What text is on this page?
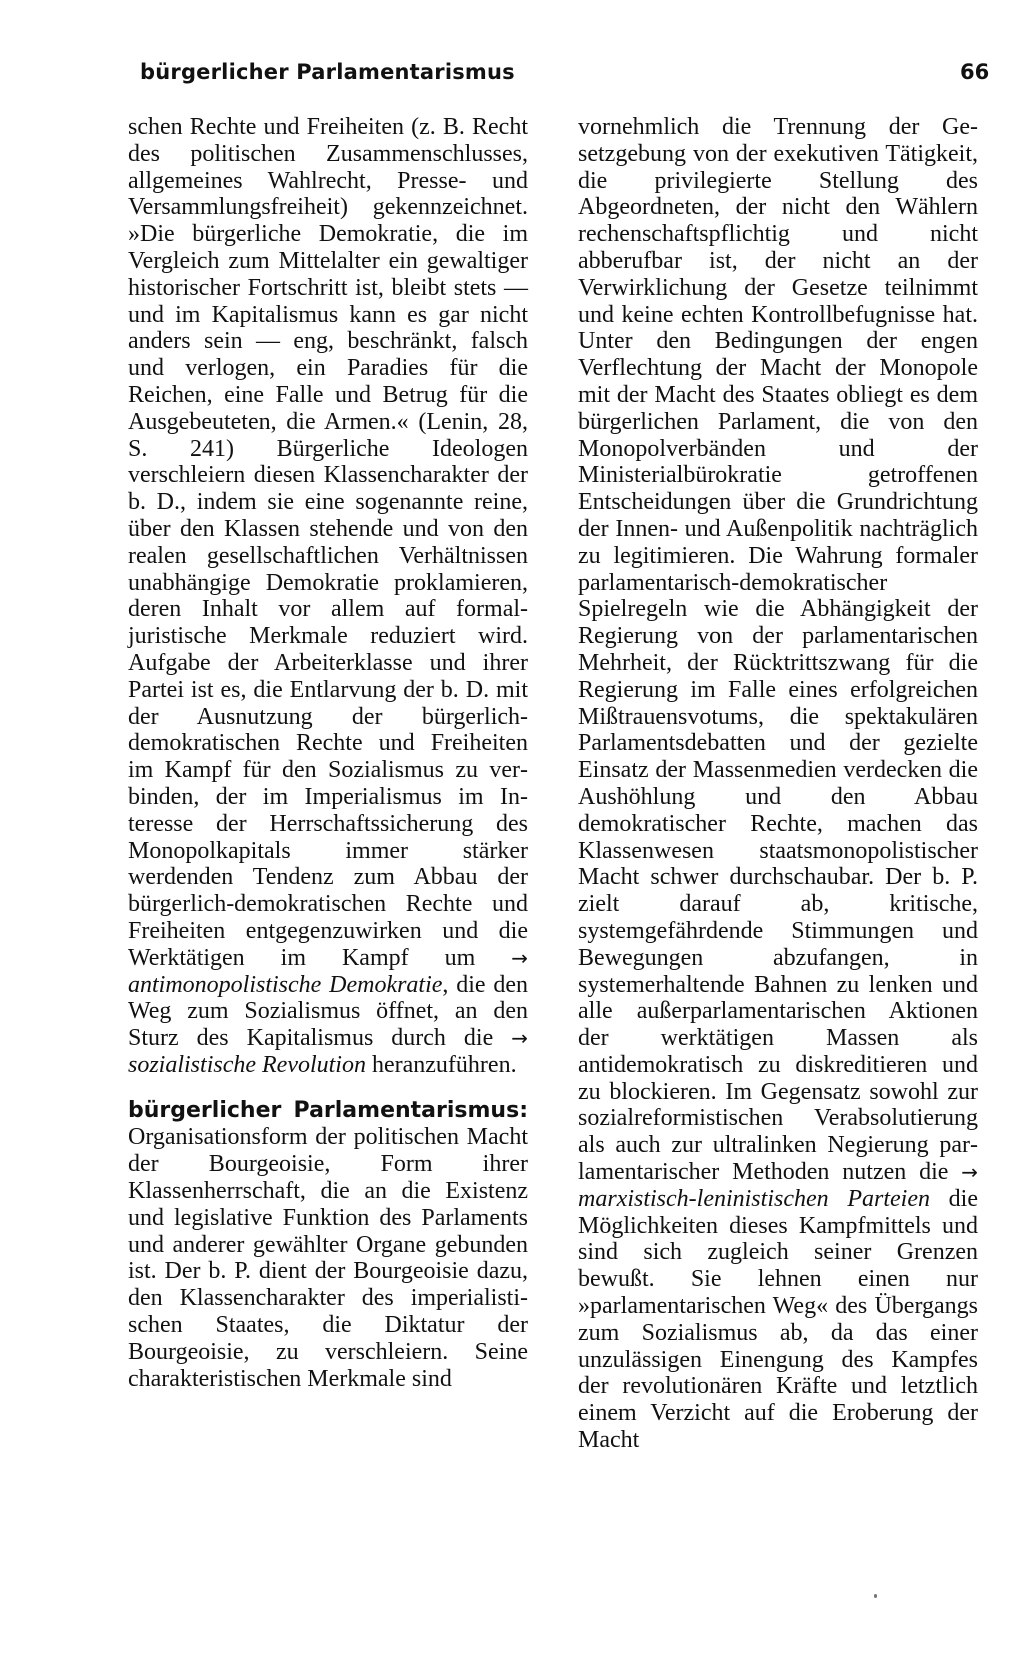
bürgerlicher Parlamentarismus	66

schen Rechte und Freiheiten (z. B. Recht des politischen Zusammenschlusses, allgemeines Wahlrecht, Presse- und Versammlungsfreiheit) gekennzeichnet. »Die bürgerliche Demokratie, die im Vergleich zum Mittelalter ein gewaltiger historischer Fortschritt ist, bleibt stets — und im Kapitalismus kann es gar nicht anders sein — eng, beschränkt, falsch und verlogen, ein Paradies für die Reichen, eine Falle und Betrug für die Ausgebeuteten, die Armen.« (Lenin, 28, S. 241) Bürgerliche Ideologen verschleiern diesen Klassencharakter der b. D., indem sie eine sogenannte reine, über den Klassen stehende und von den realen gesellschaftlichen Verhältnissen unabhängige Demokratie proklamieren, deren Inhalt vor allem auf formal-juristische Merkmale reduziert wird. Aufgabe der Arbeiterklasse und ihrer Partei ist es, die Entlarvung der b. D. mit der Ausnutzung der bürgerlich-demokratischen Rechte und Freiheiten im Kampf für den Sozialismus zu verbinden, der im Imperialismus im Interesse der Herrschaftssicherung des Monopolkapitals immer stärker werdenden Tendenz zum Abbau der bürgerlich-demokratischen Rechte und Freiheiten entgegenzuwirken und die Werktätigen im Kampf um → antimonopolistische Demokratie, die den Weg zum Sozialismus öffnet, an den Sturz des Kapitalismus durch die → sozialistische Revolution heranzuführen.

bürgerlicher Parlamentarismus: Organisationsform der politischen Macht der Bourgeoisie, Form ihrer Klassenherrschaft, die an die Existenz und legislative Funktion des Parlaments und anderer gewählter Organe gebunden ist. Der b. P. dient der Bourgeoisie dazu, den Klassencharakter des imperialistischen Staates, die Diktatur der Bourgeoisie, zu verschleiern. Seine charakteristischen Merkmale sind

vornehmlich die Trennung der Gesetzgebung von der exekutiven Tätigkeit, die privilegierte Stellung des Abgeordneten, der nicht den Wählern rechenschaftspflichtig und nicht abberufbar ist, der nicht an der Verwirklichung der Gesetze teilnimmt und keine echten Kontrollbefugnisse hat. Unter den Bedingungen der engen Verflechtung der Macht der Monopole mit der Macht des Staates obliegt es dem bürgerlichen Parlament, die von den Monopolverbänden und der Ministerialbürokratie getroffenen Entscheidungen über die Grundrichtung der Innen- und Außenpolitik nachträglich zu legitimieren. Die Wahrung formaler parlamentarisch-demokratischer Spielregeln wie die Abhängigkeit der Regierung von der parlamentarischen Mehrheit, der Rücktrittszwang für die Regierung im Falle eines erfolgreichen Mißtrauensvotums, die spektakulären Parlamentsdebatten und der gezielte Einsatz der Massenmedien verdecken die Aushöhlung und den Abbau demokratischer Rechte, machen das Klassenwesen staatsmonopolistischer Macht schwer durchschaubar. Der b. P. zielt darauf ab, kritische, systemgefährdende Stimmungen und Bewegungen abzufangen, in systemerhaltende Bahnen zu lenken und alle außerparlamentarischen Aktionen der werktätigen Massen als antidemokratisch zu diskreditieren und zu blockieren. Im Gegensatz sowohl zur sozialreformistischen Verabsolutierung als auch zur ultralinken Negierung parlamentarischer Methoden nutzen die → marxistisch-leninistischen Parteien die Möglichkeiten dieses Kampfmittels und sind sich zugleich seiner Grenzen bewußt. Sie lehnen einen nur »parlamentarischen Weg« des Übergangs zum Sozialismus ab, da das einer unzulässigen Einengung des Kampfes der revolutionären Kräfte und letztlich einem Verzicht auf die Eroberung der Macht
